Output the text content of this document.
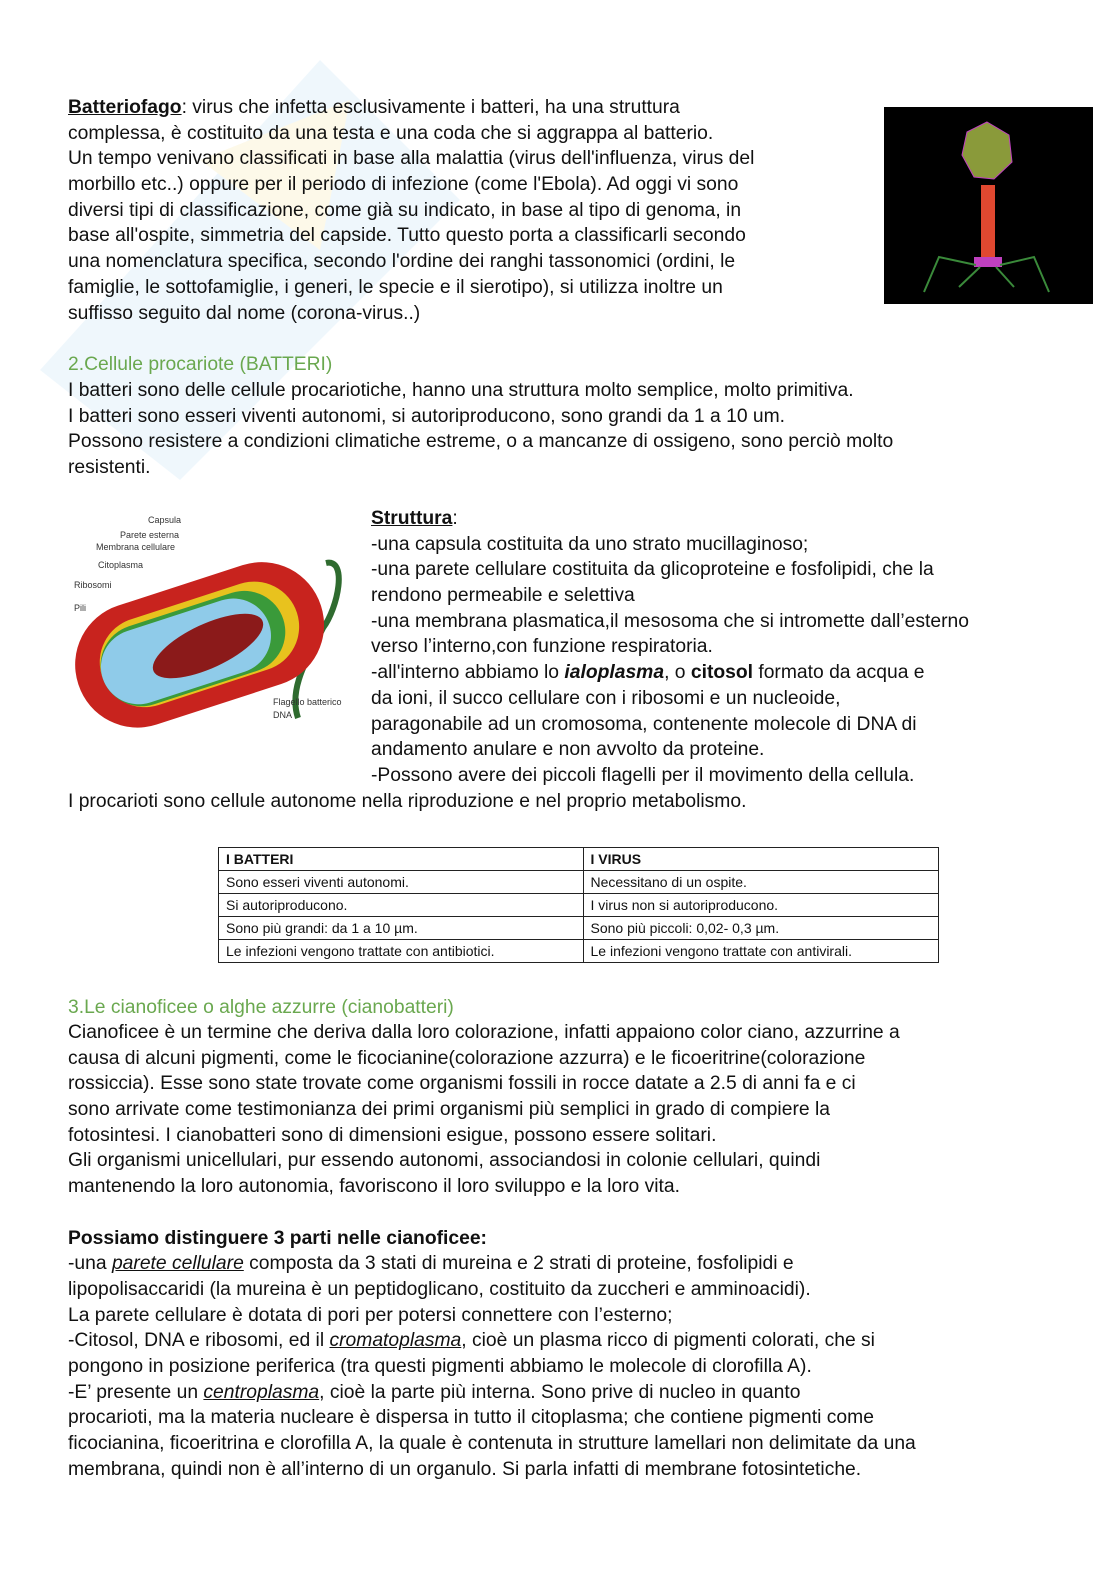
Batteriofago: virus che infetta esclusivamente i batteri, ha una struttura
complessa, è costituito da una testa e una coda che si aggrappa al batterio.
Un tempo venivano classificati in base alla malattia (virus dell'influenza, virus del
morbillo etc..) oppure per il periodo di infezione (come l'Ebola). Ad oggi vi sono
diversi tipi di classificazione, come già su indicato, in base al tipo di genoma, in
base all'ospite, simmetria del capside. Tutto questo porta a classificarli secondo
una nomenclatura specifica, secondo l'ordine dei ranghi tassonomici (ordini, le
famiglie, le sottofamiglie, i generi, le specie e il sierotipo), si utilizza inoltre un
suffisso seguito dal nome (corona-virus..)
2.Cellule procariote (BATTERI)
I batteri sono delle cellule procariotiche, hanno una struttura molto semplice, molto primitiva.
I batteri sono esseri viventi autonomi, si autoriproducono, sono grandi da 1 a 10 um.
Possono resistere a condizioni climatiche estreme, o a mancanze di ossigeno, sono perciò molto
resistenti.
Capsula
Parete esterna
Membrana cellulare
Citoplasma
Ribosomi
Pili
Flagello batterico
DNA
Struttura:
-una capsula costituita da uno strato mucillaginoso;
-una parete cellulare costituita da glicoproteine e fosfolipidi, che la
rendono permeabile e selettiva
-una membrana plasmatica,il mesosoma che si intromette dall’esterno
verso l’interno,con funzione respiratoria.
-all'interno abbiamo lo ialoplasma, o citosol formato da acqua e
da ioni, il succo cellulare con i ribosomi e un nucleoide,
paragonabile ad un cromosoma, contenente molecole di DNA di
andamento anulare e non avvolto da proteine.
-Possono avere dei piccoli flagelli per il movimento della cellula.
I procarioti sono cellule autonome nella riproduzione e nel proprio metabolismo.
I BATTERI	I VIRUS
Sono esseri viventi autonomi.	Necessitano di un ospite.
Si autoriproducono.	I virus non si autoriproducono.
Sono più grandi: da 1 a 10 µm.	Sono più piccoli: 0,02- 0,3 µm.
Le infezioni vengono trattate con antibiotici.	Le infezioni vengono trattate con antivirali.
3.Le cianoficee o alghe azzurre (cianobatteri)
Cianoficee è un termine che deriva dalla loro colorazione, infatti appaiono color ciano, azzurrine a
causa di alcuni pigmenti, come le ficocianine(colorazione azzurra) e le ficoeritrine(colorazione
rossiccia). Esse sono state trovate come organismi fossili in rocce datate a 2.5 di anni fa e ci
sono arrivate come testimonianza dei primi organismi più semplici in grado di compiere la
fotosintesi. I cianobatteri sono di dimensioni esigue, possono essere solitari.
Gli organismi unicellulari, pur essendo autonomi, associandosi in colonie cellulari, quindi
mantenendo la loro autonomia, favoriscono il loro sviluppo e la loro vita.
Possiamo distinguere 3 parti nelle cianoficee:
-una parete cellulare composta da 3 stati di mureina e 2 strati di proteine, fosfolipidi e
lipopolisaccaridi (la mureina è un peptidoglicano, costituito da zuccheri e amminoacidi).
La parete cellulare è dotata di pori per potersi connettere con l’esterno;
-Citosol, DNA e ribosomi, ed il cromatoplasma, cioè un plasma ricco di pigmenti colorati, che si
pongono in posizione periferica (tra questi pigmenti abbiamo le molecole di clorofilla A).
-E’ presente un centroplasma, cioè la parte più interna. Sono prive di nucleo in quanto
procarioti, ma la materia nucleare è dispersa in tutto il citoplasma; che contiene pigmenti come
ficocianina, ficoeritrina e clorofilla A, la quale è contenuta in strutture lamellari non delimitate da una
membrana, quindi non è all’interno di un organulo. Si parla infatti di membrane fotosintetiche.
